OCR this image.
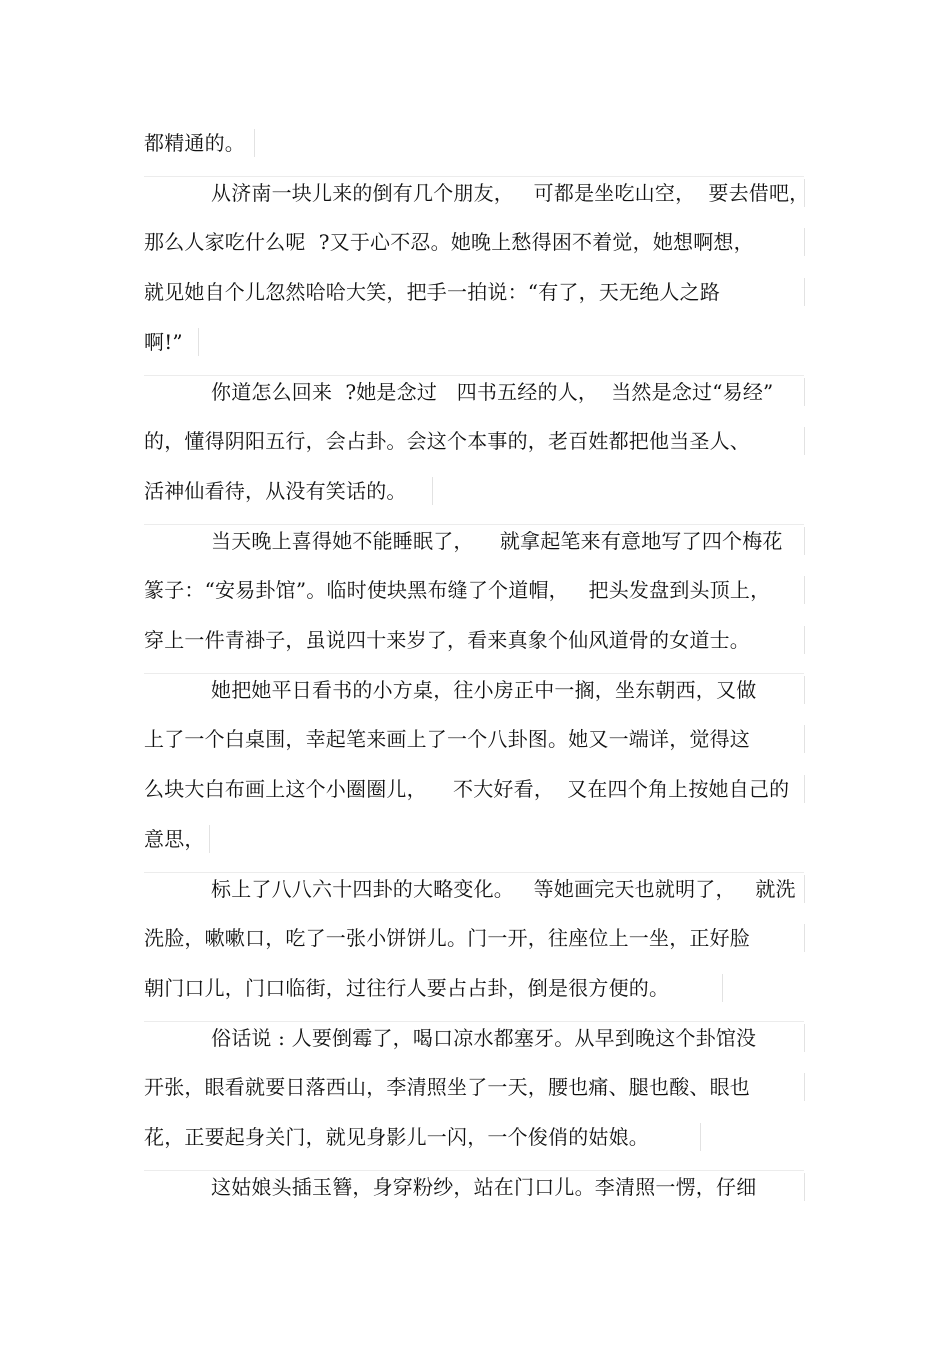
都精通的。
从济南一块儿来的倒有几个朋友，   可都是坐吃山空，  要去借吧，
那么人家吃什么呢  ?又于心不忍。她晚上愁得困不着觉，她想啊想，
就见她自个儿忽然哈哈大笑，把手一拍说：“有了，天无绝人之路
啊!”
你道怎么回来  ?她是念过   四书五经的人，  当然是念过“易经”
的，懂得阴阳五行，会占卦。会这个本事的，老百姓都把他当圣人、
活神仙看待，从没有笑话的。
当天晚上喜得她不能睡眠了，    就拿起笔来有意地写了四个梅花
篆子：“安易卦馆”。临时使块黑布缝了个道帽，   把头发盘到头顶上，
穿上一件青褂子，虽说四十来岁了，看来真象个仙风道骨的女道士。
她把她平日看书的小方桌，往小房正中一搁，坐东朝西，又做
上了一个白桌围，幸起笔来画上了一个八卦图。她又一端详，觉得这
么块大白布画上这个小圈圈儿，    不大好看，  又在四个角上按她自己的
意思，
标上了八八六十四卦的大略变化。   等她画完天也就明了，   就洗
洗脸，嗽嗽口，吃了一张小饼饼儿。门一开，往座位上一坐，正好脸
朝门口儿，门口临街，过往行人要占占卦，倒是很方便的。
俗话说 : 人要倒霉了，喝口凉水都塞牙。从早到晚这个卦馆没
开张，眼看就要日落西山，李清照坐了一天，腰也痛、腿也酸、眼也
花，正要起身关门，就见身影儿一闪，一个俊俏的姑娘。
这姑娘头插玉簪，身穿粉纱，站在门口儿。李清照一愣，仔细
